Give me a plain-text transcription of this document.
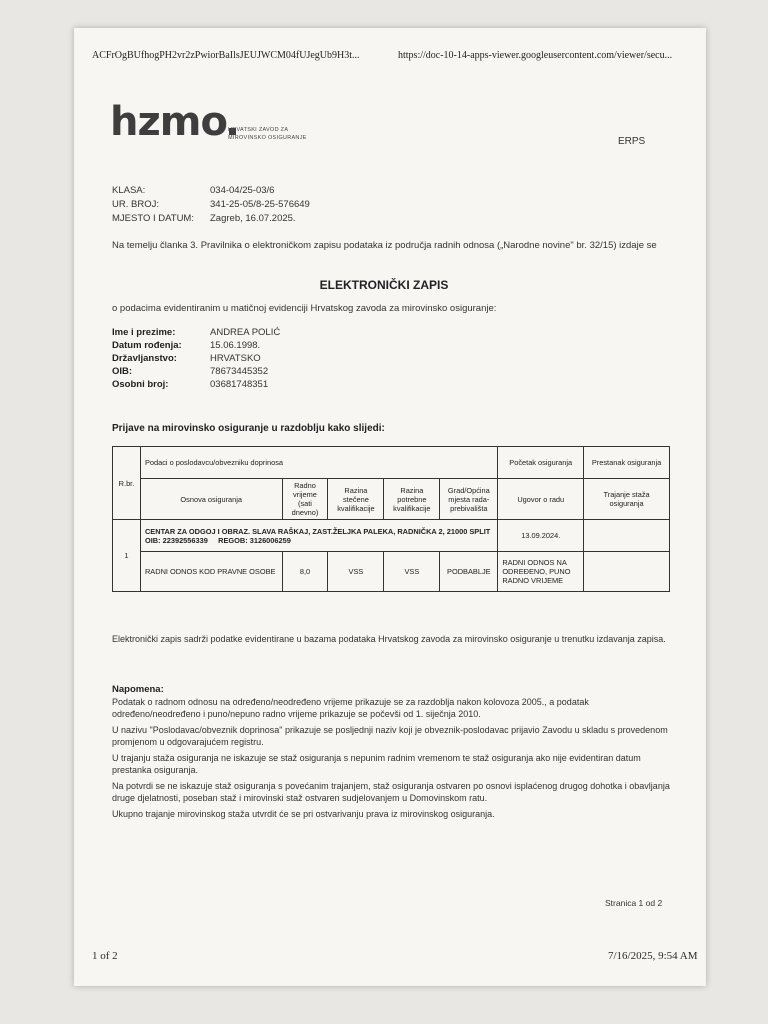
ACFrOgBUfhogPH2vr2zPwiorBaIlsJEUJWCM04fUJegUb9H3t...	https://doc-10-14-apps-viewer.googleusercontent.com/viewer/secu...
hzmo HRVATSKI ZAVOD ZA
MIROVINSKO OSIGURANJE	ERPS
KLASA:	034-04/25-03/6
UR. BROJ:	341-25-05/8-25-576649
MJESTO I DATUM:	Zagreb, 16.07.2025.
Na temelju članka 3. Pravilnika o elektroničkom zapisu podataka iz područja radnih odnosa („Narodne novine" br. 32/15) izdaje se
ELEKTRONIČKI ZAPIS
o podacima evidentiranim u matičnoj evidenciji Hrvatskog zavoda za mirovinsko osiguranje:
Ime i prezime:	ANDREA POLIĆ
Datum rođenja:	15.06.1998.
Državljanstvo:	HRVATSKO
OIB:	78673445352
Osobni broj:	03681748351
Prijave na mirovinsko osiguranje u razdoblju kako slijedi:
R.br.	Podaci o poslodavcu/obvezniku doprinosa					Početak osiguranja	Prestanak osiguranja
	Osnova osiguranja	Radno vrijeme (sati dnevno)	Razina stečene kvalifikacije	Razina potrebne kvalifikacije	Grad/Općina mjesta rada-prebivališta	Ugovor o radu	Trajanje staža osiguranja
1	CENTAR ZA ODGOJ I OBRAZ. SLAVA RAŠKAJ, ZAST.ŽELJKA PALEKA, RADNIČKA 2, 21000 SPLIT
OIB: 22392556339 REGOB: 3126006259					13.09.2024.	
	RADNI ODNOS KOD PRAVNE OSOBE	8,0	VSS	VSS	PODBABLJE	RADNI ODNOS NA ODREĐENO, PUNO RADNO VRIJEME	
Elektronički zapis sadrži podatke evidentirane u bazama podataka Hrvatskog zavoda za mirovinsko osiguranje u trenutku izdavanja zapisa.
Napomena:
Podatak o radnom odnosu na određeno/neodređeno vrijeme prikazuje se za razdoblja nakon kolovoza 2005., a podatak određeno/neodređeno i puno/nepuno radno vrijeme prikazuje se počevši od 1. siječnja 2010.
U nazivu "Poslodavac/obveznik doprinosa" prikazuje se posljednji naziv koji je obveznik-poslodavac prijavio Zavodu u skladu s provedenom promjenom u odgovarajućem registru.
U trajanju staža osiguranja ne iskazuje se staž osiguranja s nepunim radnim vremenom te staž osiguranja ako nije evidentiran datum prestanka osiguranja.
Na potvrdi se ne iskazuje staž osiguranja s povećanim trajanjem, staž osiguranja ostvaren po osnovi isplaćenog drugog dohotka i obavljanja druge djelatnosti, poseban staž i mirovinski staž ostvaren sudjelovanjem u Domovinskom ratu.
Ukupno trajanje mirovinskog staža utvrdit će se pri ostvarivanju prava iz mirovinskog osiguranja.
Stranica 1 od 2
1 of 2	7/16/2025, 9:54 AM
